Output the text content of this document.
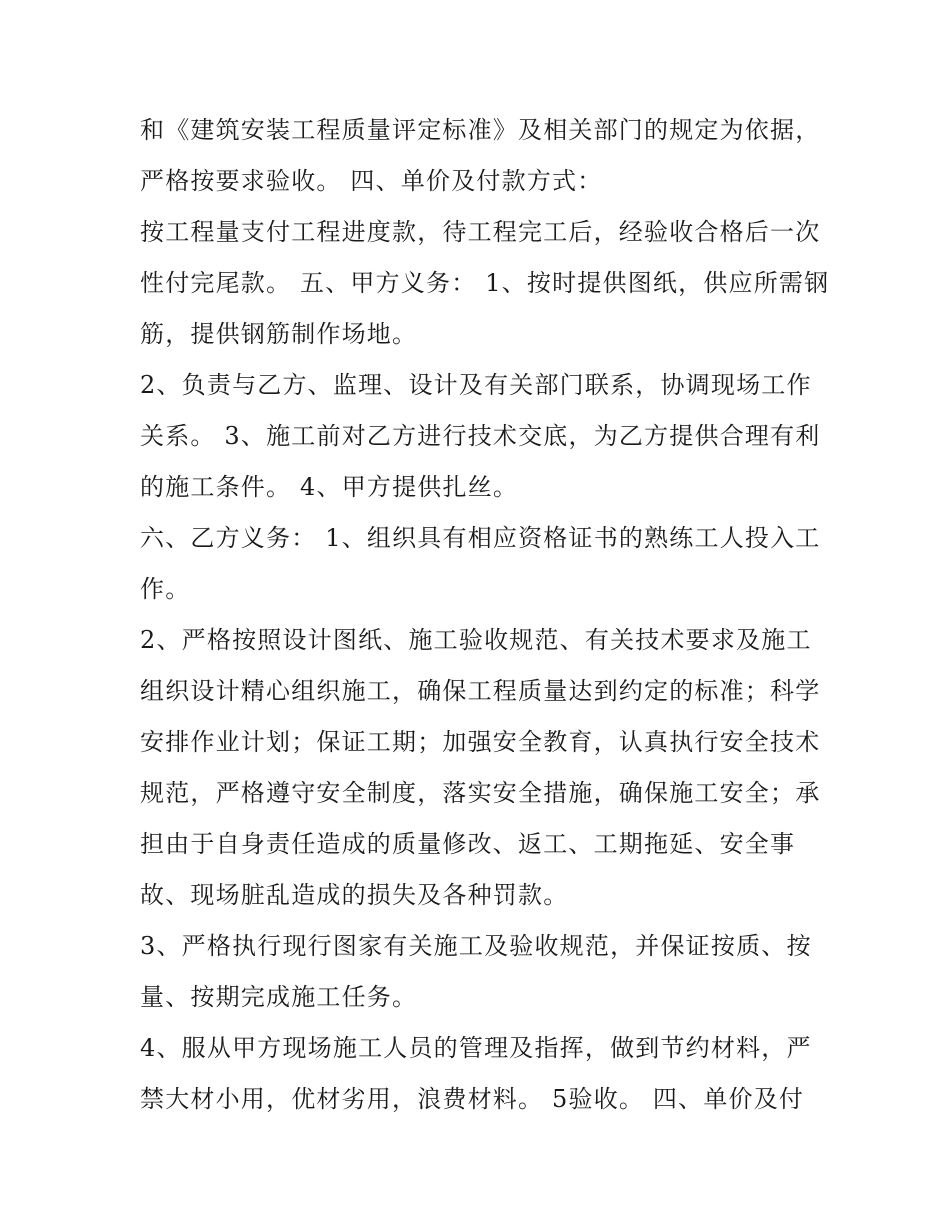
和《建筑安装工程质量评定标准》及相关部门的规定为依据，
严格按要求验收。 四、单价及付款方式：
按工程量支付工程进度款，待工程完工后，经验收合格后一次
性付完尾款。 五、甲方义务： 1、按时提供图纸，供应所需钢
筋，提供钢筋制作场地。
2、负责与乙方、监理、设计及有关部门联系，协调现场工作
关系。 3、施工前对乙方进行技术交底，为乙方提供合理有利
的施工条件。 4、甲方提供扎丝。
六、乙方义务： 1、组织具有相应资格证书的熟练工人投入工
作。
2、严格按照设计图纸、施工验收规范、有关技术要求及施工
组织设计精心组织施工，确保工程质量达到约定的标准；科学
安排作业计划；保证工期；加强安全教育，认真执行安全技术
规范，严格遵守安全制度，落实安全措施，确保施工安全；承
担由于自身责任造成的质量修改、返工、工期拖延、安全事
故、现场脏乱造成的损失及各种罚款。
3、严格执行现行图家有关施工及验收规范，并保证按质、按
量、按期完成施工任务。
4、服从甲方现场施工人员的管理及指挥，做到节约材料，严
禁大材小用，优材劣用，浪费材料。 5验收。 四、单价及付
